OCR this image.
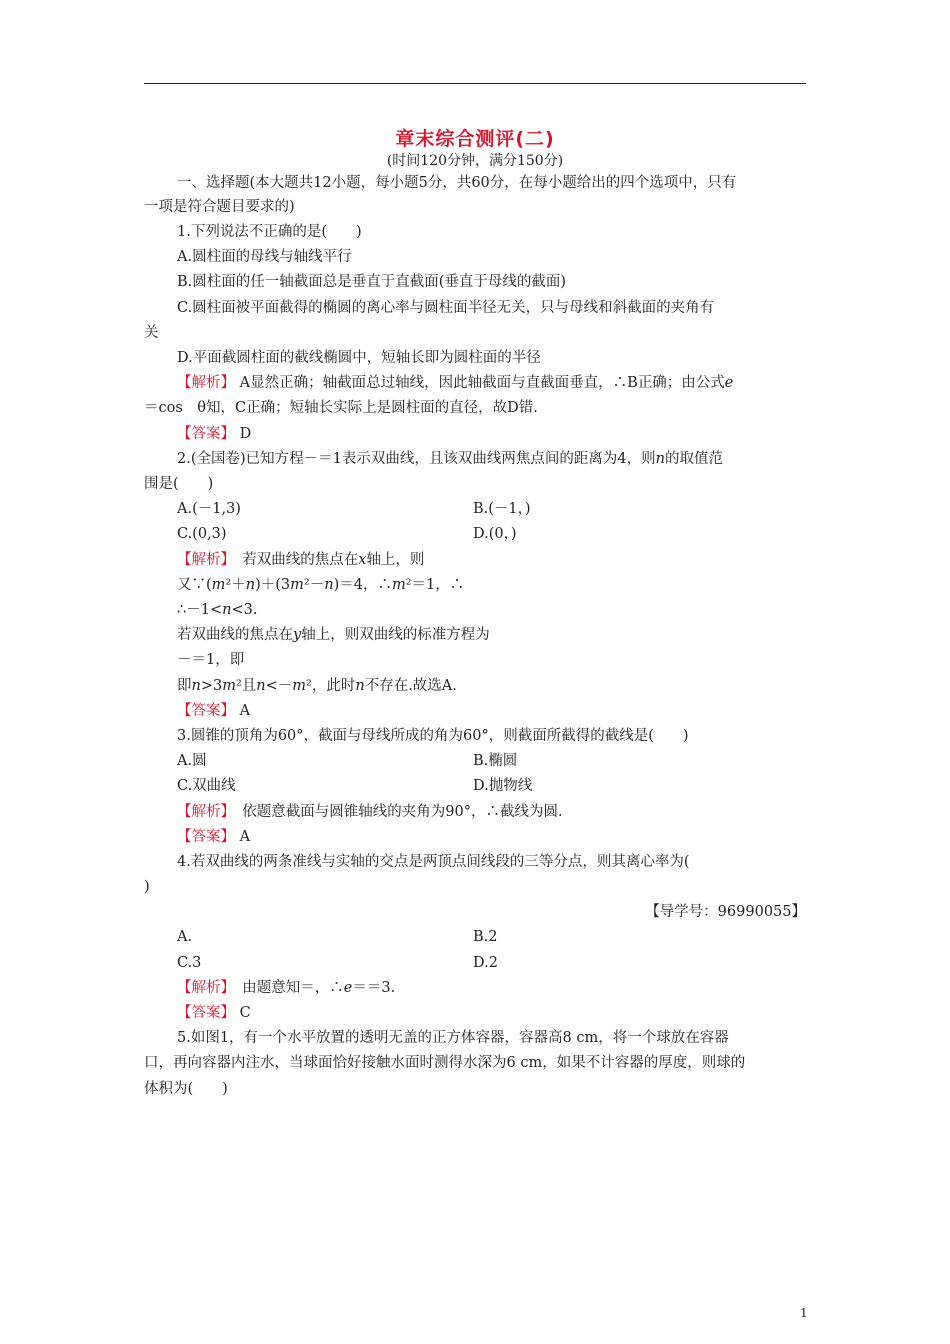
章末综合测评(二)
(时间120分钟，满分150分)
一、选择题(本大题共12小题，每小题5分，共60分，在每小题给出的四个选项中，只有
一项是符合题目要求的)
1.下列说法不正确的是(　　)
A.圆柱面的母线与轴线平行
B.圆柱面的任一轴截面总是垂直于直截面(垂直于母线的截面)
C.圆柱面被平面截得的椭圆的离心率与圆柱面半径无关，只与母线和斜截面的夹角有
关
D.平面截圆柱面的截线椭圆中，短轴长即为圆柱面的半径
【解析】 A显然正确；轴截面总过轴线，因此轴截面与直截面垂直，∴B正确；由公式e
＝cos　θ知，C正确；短轴长实际上是圆柱面的直径，故D错.
【答案】 D
2.(全国卷)已知方程－＝1表示双曲线，且该双曲线两焦点间的距离为4，则n的取值范
围是(　　)
A.(－1,3)	B.(－1，)
C.(0,3)	D.(0，)
【解析】　若双曲线的焦点在x轴上，则
又∵(m²＋n)＋(3m²－n)＝4，∴m²＝1，∴
∴－1<n<3.
若双曲线的焦点在y轴上，则双曲线的标准方程为
－＝1，即
即n>3m²且n<－m²，此时n不存在.故选A.
【答案】 A
3.圆锥的顶角为60°，截面与母线所成的角为60°，则截面所截得的截线是(　　)
A.圆	B.椭圆
C.双曲线	D.抛物线
【解析】　依题意截面与圆锥轴线的夹角为90°，∴截线为圆.
【答案】 A
4.若双曲线的两条准线与实轴的交点是两顶点间线段的三等分点，则其离心率为(
)
【导学号：96990055】
A.	B.2
C.3	D.2
【解析】　由题意知＝，∴e＝＝3.
【答案】 C
5.如图1，有一个水平放置的透明无盖的正方体容器，容器高8 cm，将一个球放在容器
口，再向容器内注水，当球面恰好接触水面时测得水深为6 cm，如果不计容器的厚度，则球的
体积为(　　)
1
